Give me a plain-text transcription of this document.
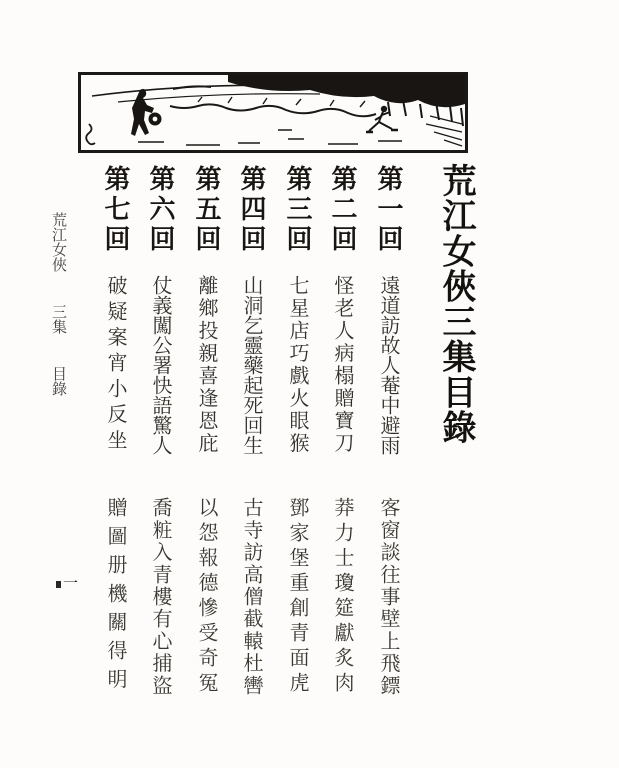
荒江女俠三集目錄
第一回
遠道訪故人菴中避雨
客窗談往事壁上飛鏢
第二回
怪老人病榻贈寶刀
莽力士瓊筵獻炙肉
第三回
七星店巧戲火眼猴
鄧家堡重創青面虎
第四回
山洞乞靈藥起死回生
古寺訪高僧截轅杜轡
第五回
離鄉投親喜逢恩庇
以怨報德慘受奇冤
第六回
仗義闖公署快語驚人
喬粧入青樓有心捕盜
第七回
破疑案宵小反坐
贈圖册機關得明
荒江女俠 三集 目錄
一
